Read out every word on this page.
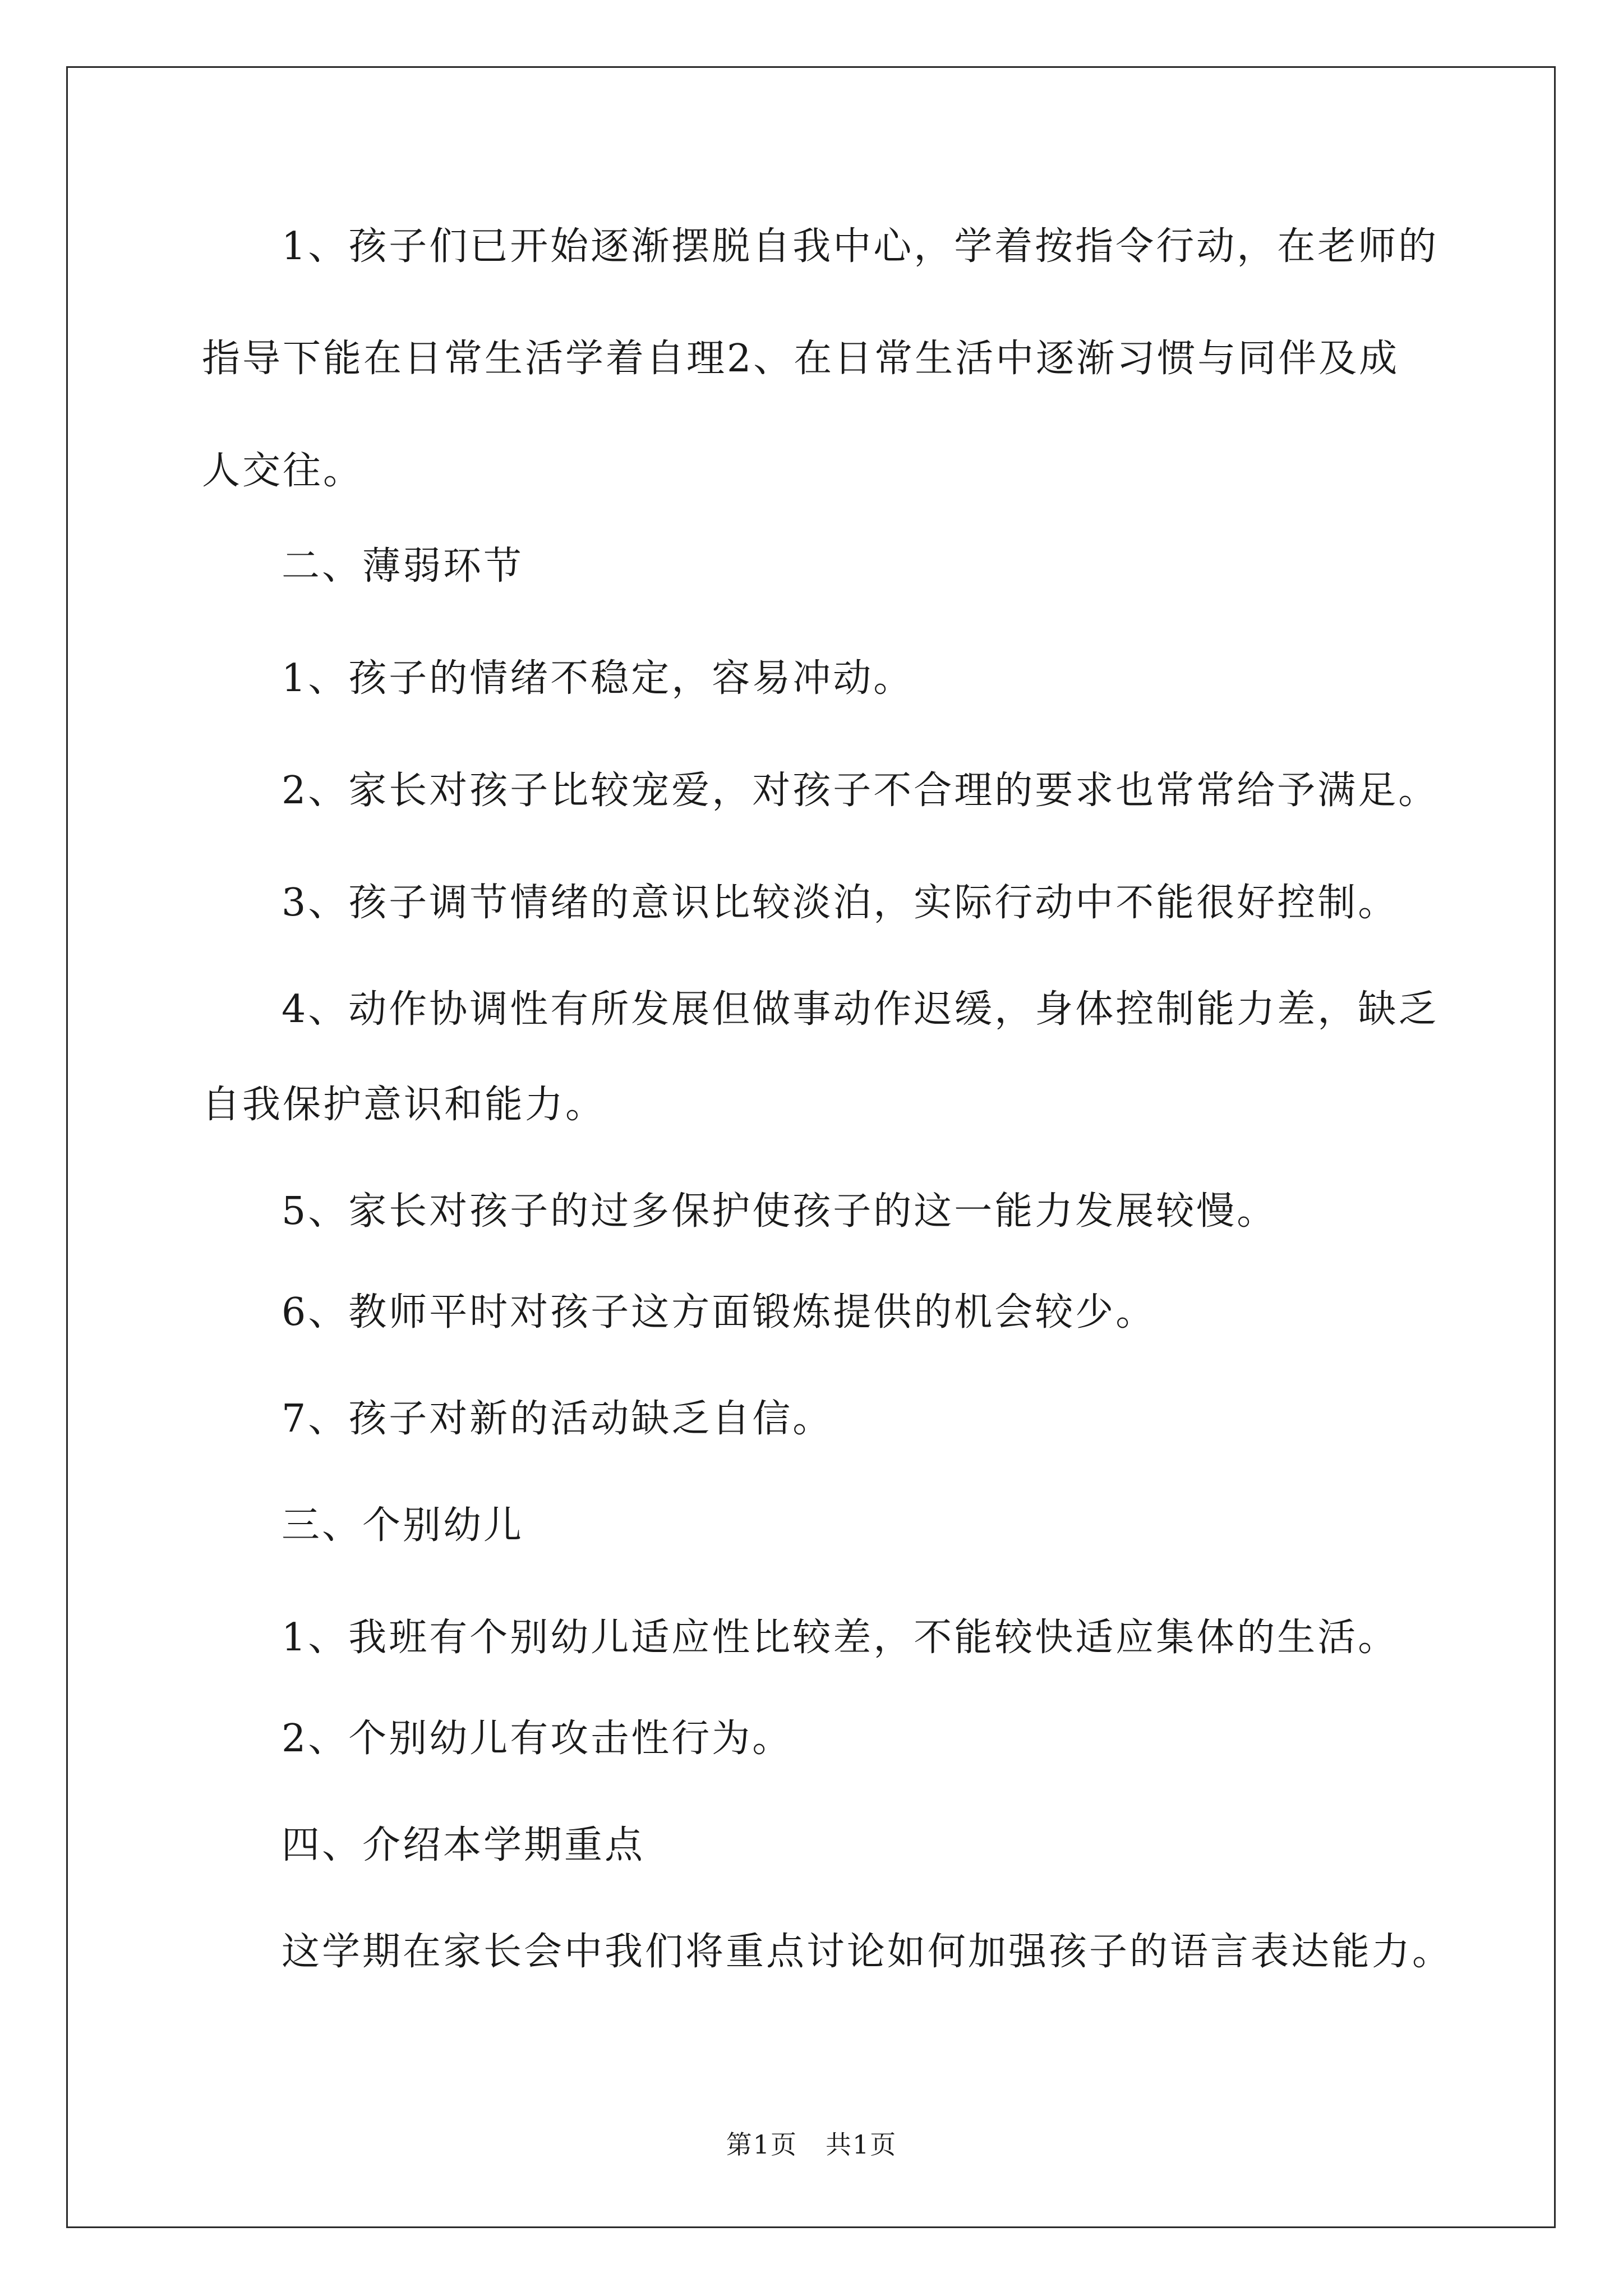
1、孩子们已开始逐渐摆脱自我中心，学着按指令行动，在老师的
指导下能在日常生活学着自理2、在日常生活中逐渐习惯与同伴及成
人交往。
二、薄弱环节
1、孩子的情绪不稳定，容易冲动。
2、家长对孩子比较宠爱，对孩子不合理的要求也常常给予满足。
3、孩子调节情绪的意识比较淡泊，实际行动中不能很好控制。
4、动作协调性有所发展但做事动作迟缓，身体控制能力差，缺乏
自我保护意识和能力。
5、家长对孩子的过多保护使孩子的这一能力发展较慢。
6、教师平时对孩子这方面锻炼提供的机会较少。
7、孩子对新的活动缺乏自信。
三、个别幼儿
1、我班有个别幼儿适应性比较差，不能较快适应集体的生活。
2、个别幼儿有攻击性行为。
四、介绍本学期重点
这学期在家长会中我们将重点讨论如何加强孩子的语言表达能力。
第1页 共1页
